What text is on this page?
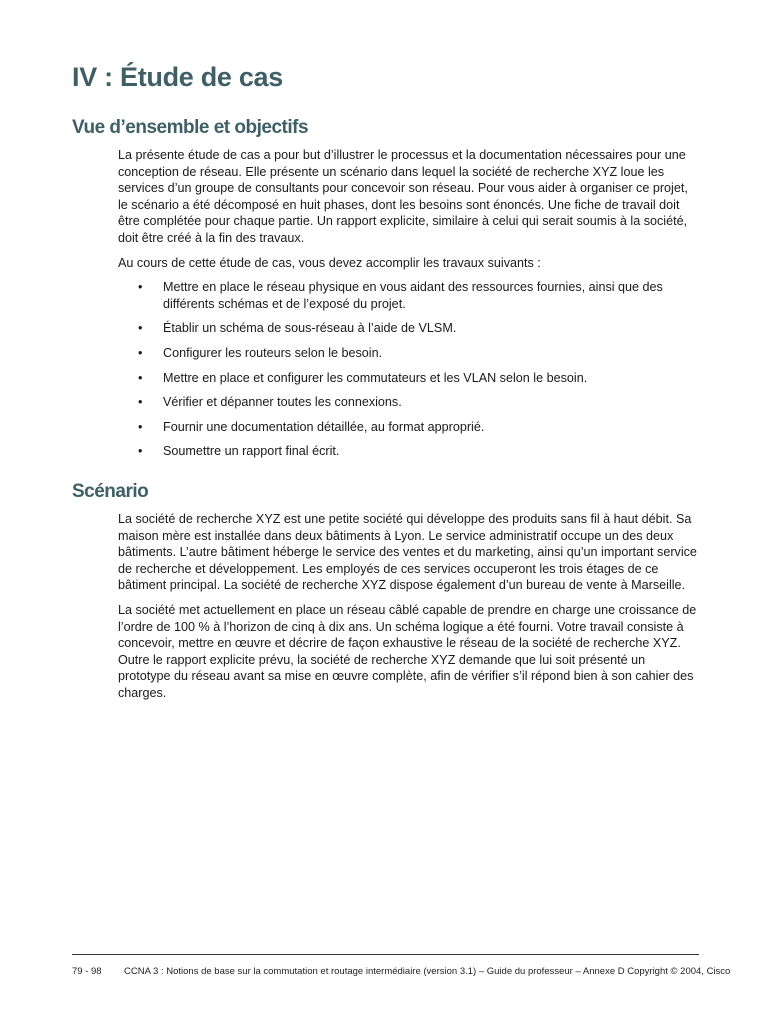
IV : Étude de cas
Vue d’ensemble et objectifs

La présente étude de cas a pour but d’illustrer le processus et la documentation nécessaires pour une conception de réseau. Elle présente un scénario dans lequel la société de recherche XYZ loue les services d’un groupe de consultants pour concevoir son réseau. Pour vous aider à organiser ce projet, le scénario a été décomposé en huit phases, dont les besoins sont énoncés. Une fiche de travail doit être complétée pour chaque partie. Un rapport explicite, similaire à celui qui serait soumis à la société, doit être créé à la fin des travaux.

Au cours de cette étude de cas, vous devez accomplir les travaux suivants :

• Mettre en place le réseau physique en vous aidant des ressources fournies, ainsi que des différents schémas et de l’exposé du projet.
• Établir un schéma de sous-réseau à l’aide de VLSM.
• Configurer les routeurs selon le besoin.
• Mettre en place et configurer les commutateurs et les VLAN selon le besoin.
• Vérifier et dépanner toutes les connexions.
• Fournir une documentation détaillée, au format approprié.
• Soumettre un rapport final écrit.
Scénario

La société de recherche XYZ est une petite société qui développe des produits sans fil à haut débit. Sa maison mère est installée dans deux bâtiments à Lyon. Le service administratif occupe un des deux bâtiments. L’autre bâtiment héberge le service des ventes et du marketing, ainsi qu’un important service de recherche et développement. Les employés de ces services occuperont les trois étages de ce bâtiment principal. La société de recherche XYZ dispose également d’un bureau de vente à Marseille.

La société met actuellement en place un réseau câblé capable de prendre en charge une croissance de l’ordre de 100 % à l’horizon de cinq à dix ans. Un schéma logique a été fourni. Votre travail consiste à concevoir, mettre en œuvre et décrire de façon exhaustive le réseau de la société de recherche XYZ. Outre le rapport explicite prévu, la société de recherche XYZ demande que lui soit présenté un prototype du réseau avant sa mise en œuvre complète, afin de vérifier s’il répond bien à son cahier des charges.

79 - 98 CCNA 3 : Notions de base sur la commutation et routage intermédiaire (version 3.1) – Guide du professeur – Annexe D Copyright © 2004, Cisco
